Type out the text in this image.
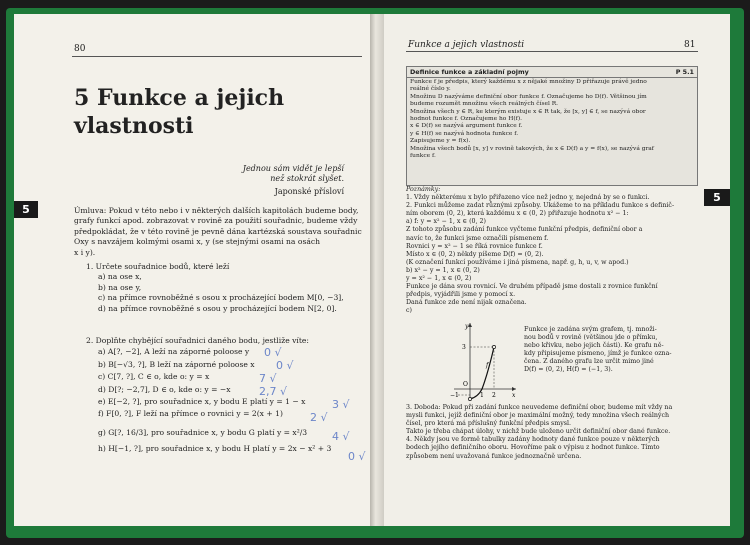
80
5 Funkce a jejich
vlastnosti
Jednou sám vidět je lepší
než stokrát slyšet.
Japonské přísloví
5	Úmluva: Pokud v této nebo i v některých dalších kapitolách budeme body,
grafy funkcí apod. zobrazovat v rovině za použití souřadnic, budeme vždy
předpokládat, že v této rovině je pevně dána kartézská soustava souřadnic
Oxy s navzájem kolmými osami x, y (se stejnými osami na osách
x i y).
1. Určete souřadnice bodů, které leží
a) na ose x,
b) na ose y,
c) na přímce rovnoběžné s osou x procházející bodem M[0, −3],
d) na přímce rovnoběžné s osou y procházející bodem N[2, 0].
2. Doplňte chybějící souřadnici daného bodu, jestliže víte:
a) A[?, −2], A leží na záporné poloose y
b) B[−√3, ?], B leží na záporné poloose x
c) C[7, ?], C ∈ o, kde o: y = x
d) D[?; −2,7], D ∈ o, kde o: y = −x
e) E[−2, ?], pro souřadnice x, y bodu E platí y = 1 − x
f) F[0, ?], F leží na přímce o rovnici y = 2(x + 1)
g) G[?, 16/3], pro souřadnice x, y bodu G platí y = x²/3
h) H[−1, ?], pro souřadnice x, y bodu H platí y = 2x − x² + 3
0 √
0 √
7 √
2,7 √
3 √
2 √
4 √
0 √
Funkce a jejich vlastnosti	81
Definice funkce a základní pojmy	P 5.1
Funkce f je předpis, který každému x z nějaké množiny D přiřazuje právě jedno
reálné číslo y.
Množinu D nazýváme definiční obor funkce f. Označujeme ho D(f). Většinou jím
budeme rozumět množinu všech reálných čísel R.
Množina všech y ∈ R, ke kterým existuje x ∈ R tak, že [x, y] ∈ f, se nazývá obor
hodnot funkce f. Označujeme ho H(f).
x ∈ D(f) se nazývá argument funkce f.
y ∈ H(f) se nazývá hodnota funkce f.
Zapisujeme y = f(x).
Množina všech bodů [x, y] v rovině takových, že x ∈ D(f) a y = f(x), se nazývá graf
funkce f.
5
Poznámky:
1. Vždy některému x bylo přiřazeno více než jedno y, nejedná by se o funkci.
2. Funkci můžeme zadat různými způsoby. Ukážeme to na příkladu funkce s definič-
ním oborem (0, 2), která každému x ∈ (0, 2) přiřazuje hodnotu x² − 1:
a) f: y = x² − 1, x ∈ (0, 2)
Z tohoto způsobu zadání funkce vyčteme funkční předpis, definiční obor a
navíc to, že funkci jsme označili písmenem f.
Rovnici y = x² − 1 se říká rovnice funkce f.
Místo x ∈ (0, 2) někdy píšeme D(f) = (0, 2).
(K označení funkcí používáme i jiná písmena, např. g, h, u, v, w apod.)
b) x² − y = 1, x ∈ (0, 2)
y = x² − 1, x ∈ (0, 2)
Funkce je dána svou rovnicí. Ve druhém případě jsme dostali z rovnice funkční
předpis, vyjádřili jsme y pomocí x.
Daná funkce zde není nijak označena.
c)
y
x
3
O
−1	1 2
f
Funkce je zadána svým grafem, tj. množi-
nou bodů v rovině (většinou jde o přímku,
nebo křivku, nebo jejich části). Ke grafu ně-
kdy připisujeme písmeno, jímž je funkce ozna-
čena. Z daného grafu lze určit mimo jiné
D(f) = (0, 2), H(f) = (−1, 3).
3. Doboda: Pokud při zadání funkce neuvedeme definiční obor, budeme mít vždy na
mysli funkci, jejíž definiční obor je maximální možný, tedy množina všech reálných
čísel, pro která má příslušný funkční předpis smysl.
Takto je třeba chápat úlohy, v nichž bude uloženo určit definiční obor dané funkce.
4. Někdy jsou ve formě tabulky zadány hodnoty dané funkce pouze v některých
bodech jejího definičního oboru. Hovoříme pak o výpisu z hodnot funkce. Tímto
způsobem není uvažovaná funkce jednoznačně určena.
